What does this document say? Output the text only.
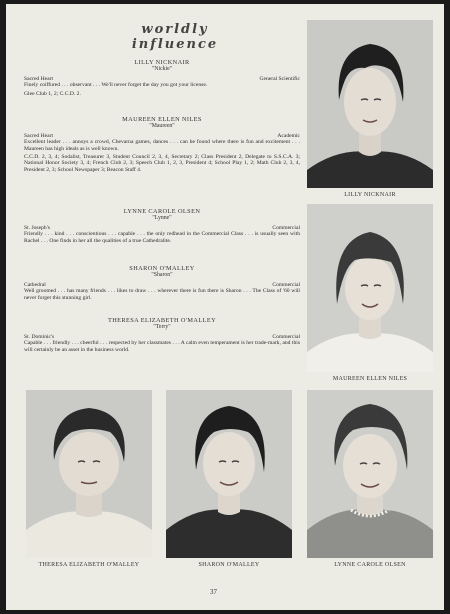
worldly influence
LILLY NICKNAIR
"Nickie"
Sacred Heart	General Scientific
Finely coiffured . . . observant . . . We'll never forget the day you got your license.
Glee Club 1, 2; C.C.D. 2.
MAUREEN ELLEN NILES
"Maureen"
Sacred Heart	Academic
Excellent leader . . . annoys a crowd, Chevarna games, dances . . . can be found where there is fun and excitement . . . Maureen has high ideals as is well known.
C.C.D. 2, 3, 4; Sodalist, Treasurer 3, Student Council 2, 3, 4, Secretary 2; Class President 2, Delegate to S.S.C.A. 3; National Honor Society 3, 4; French Club 2, 3; Speech Club 1, 2, 3, President 4; School Play 1, 2; Math Club 2, 3, 4, President 2, 3; School Newspaper 3; Beacon Staff 4.
LYNNE CAROLE OLSEN
"Lynne"
St. Joseph's	Commercial
Friendly . . . kind . . . conscientious . . . capable . . . the only redhead in the Commercial Class . . . is usually seen with Rachel . . . One finds in her all the qualities of a true Cathedralite.
SHARON O'MALLEY
"Sharon"
Cathedral	Commercial
Well groomed . . . has many friends . . . likes to draw . . . wherever there is fun there is Sharon . . . The Class of '60 will never forget this stunning girl.
THERESA ELIZABETH O'MALLEY
"Terry"
St. Dominic's	Commercial
Capable . . . friendly . . . cheerful . . . respected by her classmates . . . A calm even temperament is her trade-mark, and this will certainly be an asset in the business world.
LILLY NICKNAIR
MAUREEN ELLEN NILES
THERESA ELIZABETH O'MALLEY	SHARON O'MALLEY	LYNNE CAROLE OLSEN
37
